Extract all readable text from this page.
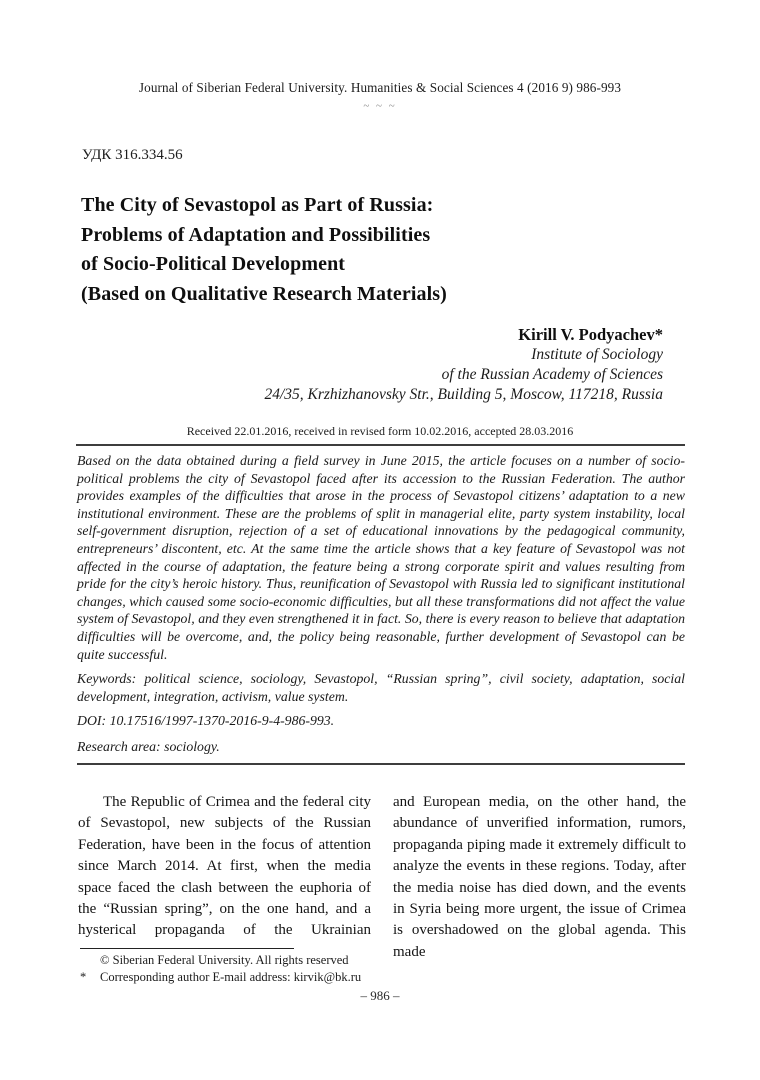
Journal of Siberian Federal University. Humanities & Social Sciences 4 (2016 9) 986-993
~ ~ ~
УДК 316.334.56
The City of Sevastopol as Part of Russia:
Problems of Adaptation and Possibilities
of Socio-Political Development
(Based on Qualitative Research Materials)
Kirill V. Podyachev*
Institute of Sociology
of the Russian Academy of Sciences
24/35, Krzhizhanovsky Str., Building 5, Moscow, 117218, Russia
Received 22.01.2016, received in revised form 10.02.2016, accepted 28.03.2016

Based on the data obtained during a field survey in June 2015, the article focuses on a number of socio-political problems the city of Sevastopol faced after its accession to the Russian Federation. The author provides examples of the difficulties that arose in the process of Sevastopol citizens’ adaptation to a new institutional environment. These are the problems of split in managerial elite, party system instability, local self-government disruption, rejection of a set of educational innovations by the pedagogical community, entrepreneurs’ discontent, etc. At the same time the article shows that a key feature of Sevastopol was not affected in the course of adaptation, the feature being a strong corporate spirit and values resulting from pride for the city’s heroic history. Thus, reunification of Sevastopol with Russia led to significant institutional changes, which caused some socio-economic difficulties, but all these transformations did not affect the value system of Sevastopol, and they even strengthened it in fact. So, there is every reason to believe that adaptation difficulties will be overcome, and, the policy being reasonable, further development of Sevastopol can be quite successful.

Keywords: political science, sociology, Sevastopol, “Russian spring”, civil society, adaptation, social development, integration, activism, value system.

DOI: 10.17516/1997-1370-2016-9-4-986-993.

Research area: sociology.

The Republic of Crimea and the federal city of Sevastopol, new subjects of the Russian Federation, have been in the focus of attention since March 2014. At first, when the media space faced the clash between the euphoria of the “Russian spring”, on the one hand, and a hysterical propaganda of the Ukrainian
and European media, on the other hand, the abundance of unverified information, rumors, propaganda piping made it extremely difficult to analyze the events in these regions. Today, after the media noise has died down, and the events in Syria being more urgent, the issue of Crimea is overshadowed on the global agenda. This made
© Siberian Federal University. All rights reserved
*	Corresponding author E-mail address: kirvik@bk.ru
– 986 –
